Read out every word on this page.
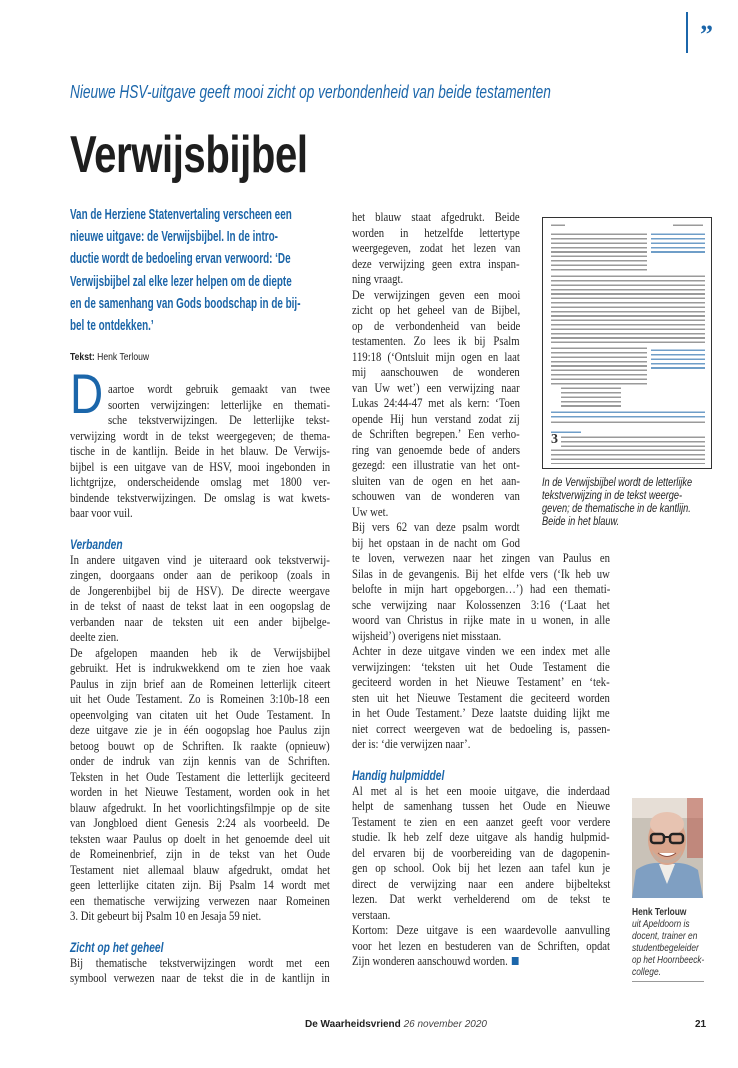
”
Nieuwe HSV-uitgave geeft mooi zicht op verbondenheid van beide testamenten
Verwijsbijbel
Van de Herziene Statenvertaling verscheen een
nieuwe uitgave: de Verwijsbijbel. In de intro-
ductie wordt de bedoeling ervan verwoord: ‘De
Verwijsbijbel zal elke lezer helpen om de diepte
en de samenhang van Gods boodschap in de bij-
bel te ontdekken.’
Tekst: Henk Terlouw
D aartoe wordt gebruik gemaakt van twee
soorten verwijzingen: letterlijke en themati-
sche tekstverwijzingen. De letterlijke tekst-
verwijzing wordt in de tekst weergegeven; de thema-
tische in de kantlijn. Beide in het blauw. De Verwijs-
bijbel is een uitgave van de HSV, mooi ingebonden in
lichtgrijze, onderscheidende omslag met 1800 ver-
bindende tekstverwijzingen. De omslag is wat kwets-
baar voor vuil.
Verbanden
In andere uitgaven vind je uiteraard ook tekstverwij-
zingen, doorgaans onder aan de perikoop (zoals in
de Jongerenbijbel bij de HSV). De directe weergave
in de tekst of naast de tekst laat in een oogopslag de
verbanden naar de teksten uit een ander bijbelge-
deelte zien.
De afgelopen maanden heb ik de Verwijsbijbel
gebruikt. Het is indrukwekkend om te zien hoe vaak
Paulus in zijn brief aan de Romeinen letterlijk citeert
uit het Oude Testament. Zo is Romeinen 3:10b-18 een
opeenvolging van citaten uit het Oude Testament. In
deze uitgave zie je in één oogopslag hoe Paulus zijn
betoog bouwt op de Schriften. Ik raakte (opnieuw)
onder de indruk van zijn kennis van de Schriften.
Teksten in het Oude Testament die letterlijk geciteerd
worden in het Nieuwe Testament, worden ook in het
blauw afgedrukt. In het voorlichtingsfilmpje op de site
van Jongbloed dient Genesis 2:24 als voorbeeld. De
teksten waar Paulus op doelt in het genoemde deel uit
de Romeinenbrief, zijn in de tekst van het Oude
Testament niet allemaal blauw afgedrukt, omdat het
geen letterlijke citaten zijn. Bij Psalm 14 wordt met
een thematische verwijzing verwezen naar Romeinen
3. Dit gebeurt bij Psalm 10 en Jesaja 59 niet.
Zicht op het geheel
Bij thematische tekstverwijzingen wordt met een
symbool verwezen naar de tekst die in de kantlijn in
het blauw staat afgedrukt. Beide
worden in hetzelfde lettertype
weergegeven, zodat het lezen van
deze verwijzing geen extra inspan-
ning vraagt.
De verwijzingen geven een mooi
zicht op het geheel van de Bijbel,
op de verbondenheid van beide
testamenten. Zo lees ik bij Psalm
119:18 (‘Ontsluit mijn ogen en laat
mij aanschouwen de wonderen
van Uw wet’) een verwijzing naar
Lukas 24:44-47 met als kern: ‘Toen
opende Hij hun verstand zodat zij
de Schriften begrepen.’ Een verho-
ring van genoemde bede of anders
gezegd: een illustratie van het ont-
sluiten van de ogen en het aan-
schouwen van de wonderen van
Uw wet.
Bij vers 62 van deze psalm wordt
bij het opstaan in de nacht om God
te loven, verwezen naar het zingen van Paulus en
Silas in de gevangenis. Bij het elfde vers (‘Ik heb uw
belofte in mijn hart opgeborgen…’) had een themati-
sche verwijzing naar Kolossenzen 3:16 (‘Laat het
woord van Christus in rijke mate in u wonen, in alle
wijsheid’) overigens niet misstaan.
Achter in deze uitgave vinden we een index met alle
verwijzingen: ‘teksten uit het Oude Testament die
geciteerd worden in het Nieuwe Testament’ en ‘tek-
sten uit het Nieuwe Testament die geciteerd worden
in het Oude Testament.’ Deze laatste duiding lijkt me
niet correct weergeven wat de bedoeling is, passen-
der is: ‘die verwijzen naar’.
Handig hulpmiddel
Al met al is het een mooie uitgave, die inderdaad
helpt de samenhang tussen het Oude en Nieuwe
Testament te zien en een aanzet geeft voor verdere
studie. Ik heb zelf deze uitgave als handig hulpmid-
del ervaren bij de voorbereiding van de dagopenin-
gen op school. Ook bij het lezen aan tafel kun je
direct de verwijzing naar een andere bijbeltekst
lezen. Dat werkt verhelderend om de tekst te
verstaan.
Kortom: Deze uitgave is een waardevolle aanvulling
voor het lezen en bestuderen van de Schriften, opdat
Zijn wonderen aanschouwd worden.
3
In de Verwijsbijbel wordt de letterlijke
tekstverwijzing in de tekst weerge-
geven; de thematische in de kantlijn.
Beide in het blauw.
Henk Terlouw
uit Apeldoorn is
docent, trainer en
studentbegeleider
op het Hoornbeeck-
college.
De Waarheidsvriend 26 november 2020	21
